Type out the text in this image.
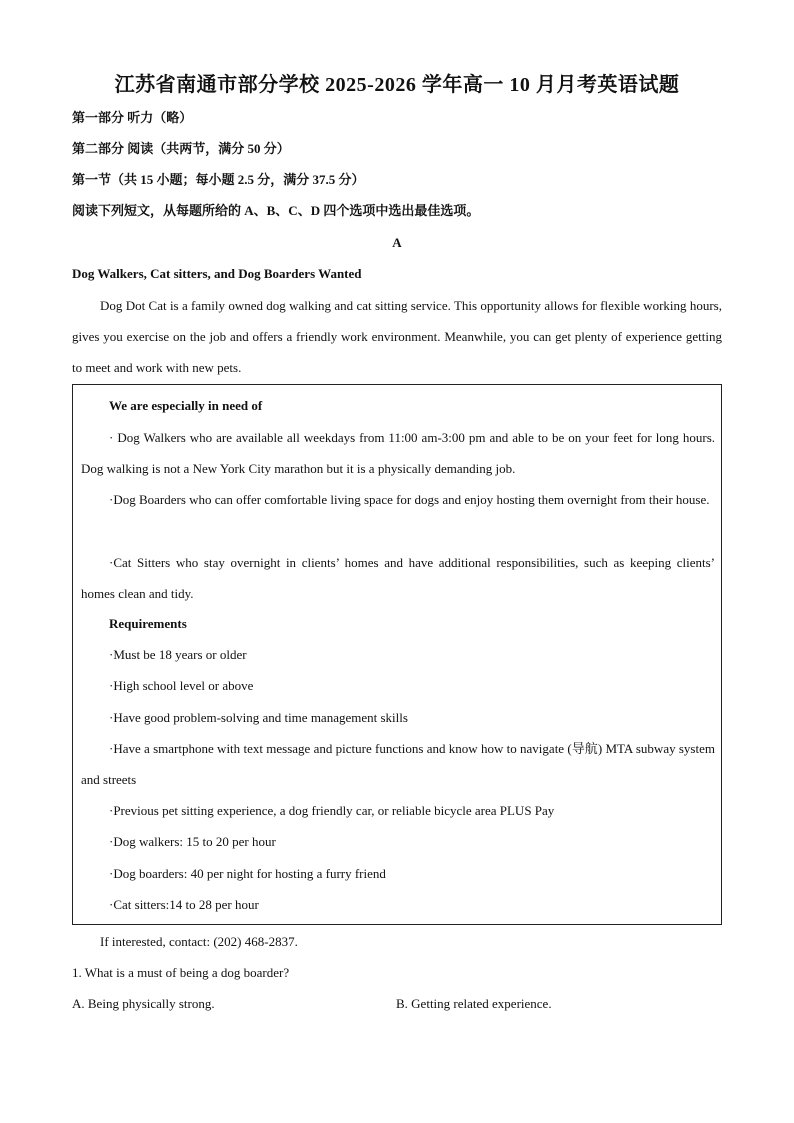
江苏省南通市部分学校 2025-2026 学年高一 10 月月考英语试题
第一部分 听力（略）
第二部分 阅读（共两节，满分 50 分）
第一节（共 15 小题；每小题 2.5 分，满分 37.5 分）
阅读下列短文，从每题所给的 A、B、C、D 四个选项中选出最佳选项。
A
Dog Walkers, Cat sitters, and Dog Boarders Wanted
Dog Dot Cat is a family owned dog walking and cat sitting service. This opportunity allows for flexible working hours, gives you exercise on the job and offers a friendly work environment. Meanwhile, you can get plenty of experience getting to meet and work with new pets.
We are especially in need of
· Dog Walkers who are available all weekdays from 11:00 am-3:00 pm and able to be on your feet for long hours. Dog walking is not a New York City marathon but it is a physically demanding job.
·Dog Boarders who can offer comfortable living space for dogs and enjoy hosting them overnight from their house.
·Cat Sitters who stay overnight in clients’ homes and have additional responsibilities, such as keeping clients’ homes clean and tidy.
Requirements
·Must be 18 years or older
·High school level or above
·Have good problem-solving and time management skills
·Have a smartphone with text message and picture functions and know how to navigate (导航) MTA subway system and streets
·Previous pet sitting experience, a dog friendly car, or reliable bicycle area PLUS Pay
·Dog walkers: 15 to 20 per hour
·Dog boarders: 40 per night for hosting a furry friend
·Cat sitters:14 to 28 per hour
If interested, contact: (202) 468-2837.
1. What is a must of being a dog boarder?
A. Being physically strong.	B. Getting related experience.
